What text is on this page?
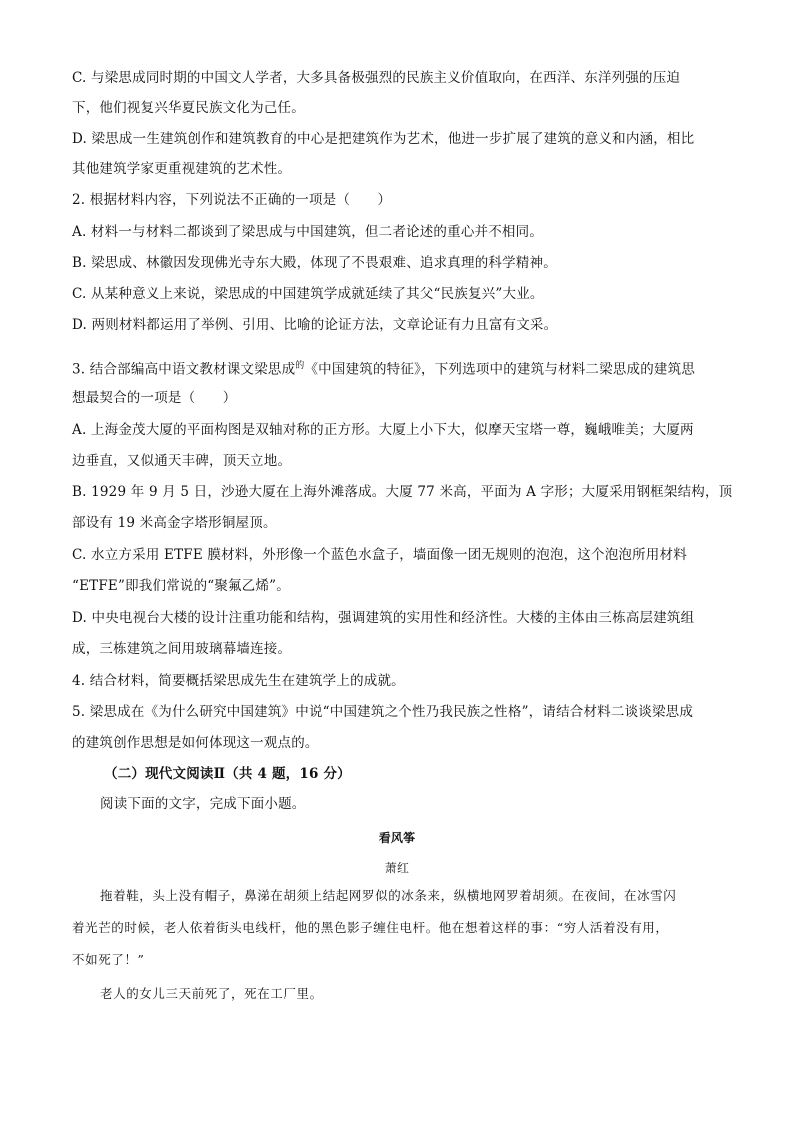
C. 与梁思成同时期的中国文人学者，大多具备极强烈的民族主义价值取向，在西洋、东洋列强的压迫
下，他们视复兴华夏民族文化为己任。
D. 梁思成一生建筑创作和建筑教育的中心是把建筑作为艺术，他进一步扩展了建筑的意义和内涵，相比
其他建筑学家更重视建筑的艺术性。
2. 根据材料内容，下列说法不正确的一项是（　　）
A. 材料一与材料二都谈到了梁思成与中国建筑，但二者论述的重心并不相同。
B. 梁思成、林徽因发现佛光寺东大殿，体现了不畏艰难、追求真理的科学精神。
C. 从某种意义上来说，梁思成的中国建筑学成就延续了其父“民族复兴”大业。
D. 两则材料都运用了举例、引用、比喻的论证方法，文章论证有力且富有文采。
3. 结合部编高中语文教材课文梁思成$^的$《中国建筑的特征》，下列选项中的建筑与材料二梁思成的建筑思
想最契合的一项是（　　）
A. 上海金茂大厦的平面构图是双轴对称的正方形。大厦上小下大，似摩天宝塔一尊，巍峨唯美；大厦两
边垂直，又似通天丰碑，顶天立地。
B. 1929 年 9 月 5 日，沙逊大厦在上海外滩落成。大厦 77 米高，平面为 A 字形；大厦采用钢框架结构，顶
部设有 19 米高金字塔形铜屋顶。
C. 水立方采用 ETFE 膜材料，外形像一个蓝色水盒子，墙面像一团无规则的泡泡，这个泡泡所用材料
“ETFE”即我们常说的“聚氟乙烯”。
D. 中央电视台大楼的设计注重功能和结构，强调建筑的实用性和经济性。大楼的主体由三栋高层建筑组
成，三栋建筑之间用玻璃幕墙连接。
4. 结合材料，简要概括梁思成先生在建筑学上的成就。
5. 梁思成在《为什么研究中国建筑》中说“中国建筑之个性乃我民族之性格”，请结合材料二谈谈梁思成
的建筑创作思想是如何体现这一观点的。
（二）现代文阅读Ⅱ（共 4 题，16 分）
阅读下面的文字，完成下面小题。
看风筝
萧红
拖着鞋，头上没有帽子，鼻涕在胡须上结起网罗似的冰条来，纵横地网罗着胡须。在夜间，在冰雪闪
着光芒的时候，老人依着街头电线杆，他的黑色影子缠住电杆。他在想着这样的事：“穷人活着没有用，
不如死了！”
老人的女儿三天前死了，死在工厂里。
